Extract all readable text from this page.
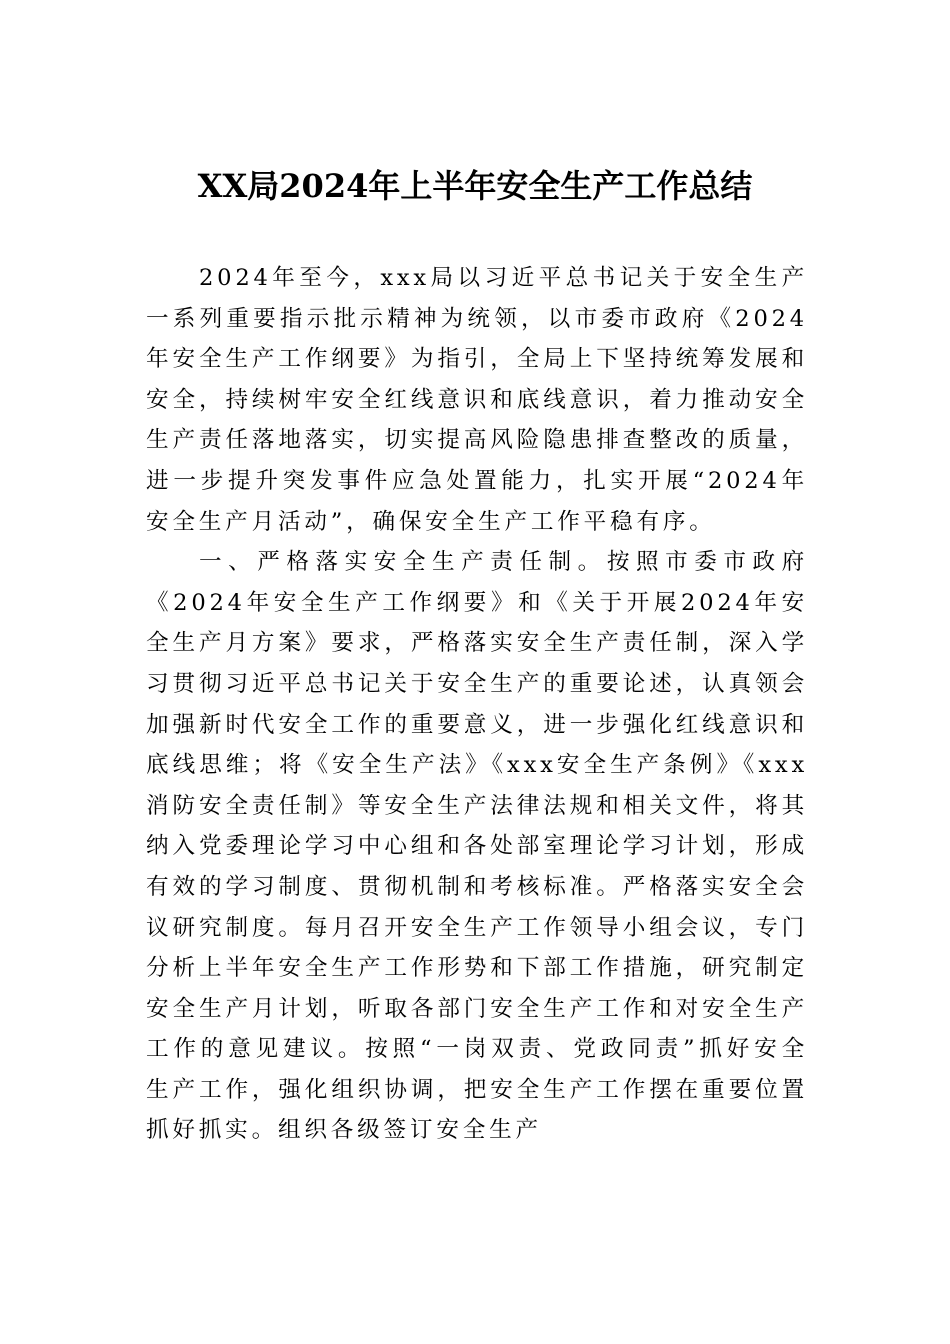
XX局2024年上半年安全生产工作总结

2024年至今，xxx局以习近平总书记关于安全生产一系列重要指示批示精神为统领，以市委市政府《2024年安全生产工作纲要》为指引，全局上下坚持统筹发展和安全，持续树牢安全红线意识和底线意识，着力推动安全生产责任落地落实，切实提高风险隐患排查整改的质量，进一步提升突发事件应急处置能力，扎实开展“2024年安全生产月活动”，确保安全生产工作平稳有序。

一、严格落实安全生产责任制。按照市委市政府《2024年安全生产工作纲要》和《关于开展2024年安全生产月方案》要求，严格落实安全生产责任制，深入学习贯彻习近平总书记关于安全生产的重要论述，认真领会加强新时代安全工作的重要意义，进一步强化红线意识和底线思维；将《安全生产法》《xxx安全生产条例》《xxx消防安全责任制》等安全生产法律法规和相关文件，将其纳入党委理论学习中心组和各处部室理论学习计划，形成有效的学习制度、贯彻机制和考核标准。严格落实安全会议研究制度。每月召开安全生产工作领导小组会议，专门分析上半年安全生产工作形势和下部工作措施，研究制定安全生产月计划，听取各部门安全生产工作和对安全生产工作的意见建议。按照“一岗双责、党政同责”抓好安全生产工作，强化组织协调，把安全生产工作摆在重要位置抓好抓实。组织各级签订安全生产
